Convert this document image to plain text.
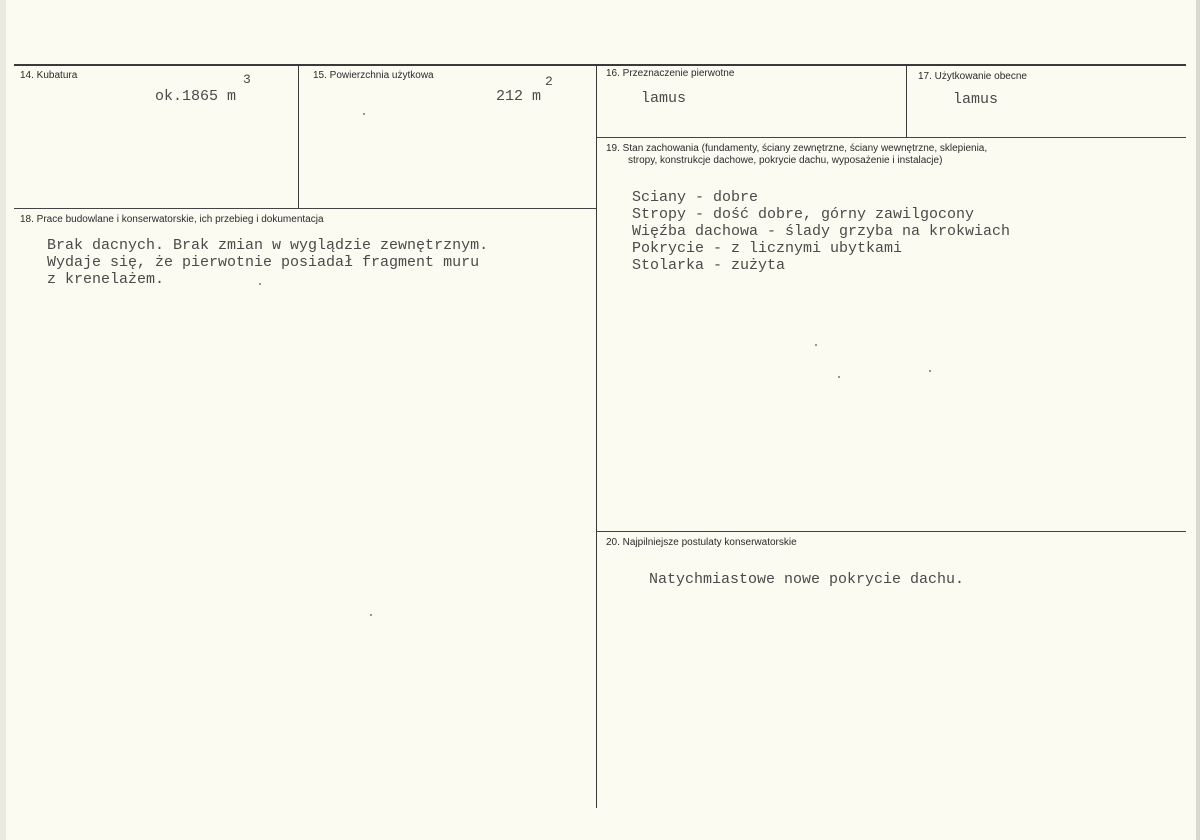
14. Kubatura
ok.1865 m
3	15. Powierzchnia użytkowa
212 m
2
16. Przeznaczenie pierwotne
lamus
17. Użytkowanie obecne
lamus
18. Prace budowlane i konserwatorskie, ich przebieg i dokumentacja
Brak dacnych. Brak zmian w wyglądzie zewnętrznym.
Wydaje się, że pierwotnie posiadał fragment muru
z krenelażem.
19. Stan zachowania (fundamenty, ściany zewnętrzne, ściany wewnętrzne, sklepienia,
stropy, konstrukcje dachowe, pokrycie dachu, wyposażenie i instalacje)
Sciany - dobre
Stropy - dość dobre, górny zawilgocony
Więźba dachowa - ślady grzyba na krokwiach
Pokrycie - z licznymi ubytkami
Stolarka - zużyta
20. Najpilniejsze postulaty konserwatorskie
Natychmiastowe nowe pokrycie dachu.
